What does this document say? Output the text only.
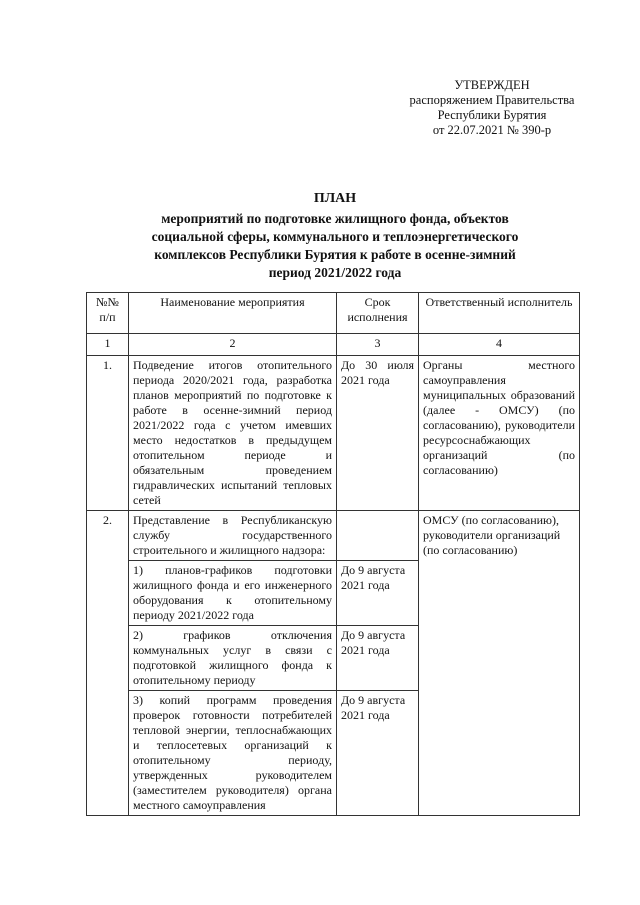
УТВЕРЖДЕН
распоряжением Правительства
Республики Бурятия
от 22.07.2021 № 390-р
ПЛАН
мероприятий по подготовке жилищного фонда, объектов
социальной сферы, коммунального и теплоэнергетического
комплексов Республики Бурятия к работе в осенне-зимний
период 2021/2022 года
№№ п/п	Наименование мероприятия	Срок исполнения	Ответственный исполнитель
1	2	3	4
1.	Подведение итогов отопительного периода 2020/2021 года, разработка планов мероприятий по подготовке к работе в осенне-зимний период 2021/2022 года с учетом имевших место недостатков в предыдущем отопительном периоде и обязательным проведением гидравлических испытаний тепловых сетей	До 30 июля 2021 года	Органы местного самоуправления муниципальных образований (далее - ОМСУ) (по согласованию), руководители ресурсоснабжающих организаций (по согласованию)
2.	Представление в Республиканскую службу государственного строительного и жилищного надзора:		ОМСУ (по согласованию), руководители организаций (по согласованию)
	1) планов-графиков подготовки жилищного фонда и его инженерного оборудования к отопительному периоду 2021/2022 года	До 9 августа 2021 года	
	2) графиков отключения коммунальных услуг в связи с подготовкой жилищного фонда к отопительному периоду	До 9 августа 2021 года	
	3) копий программ проведения проверок готовности потребителей тепловой энергии, теплоснабжающих и теплосетевых организаций к отопительному периоду, утвержденных руководителем (заместителем руководителя) органа местного самоуправления	До 9 августа 2021 года	
